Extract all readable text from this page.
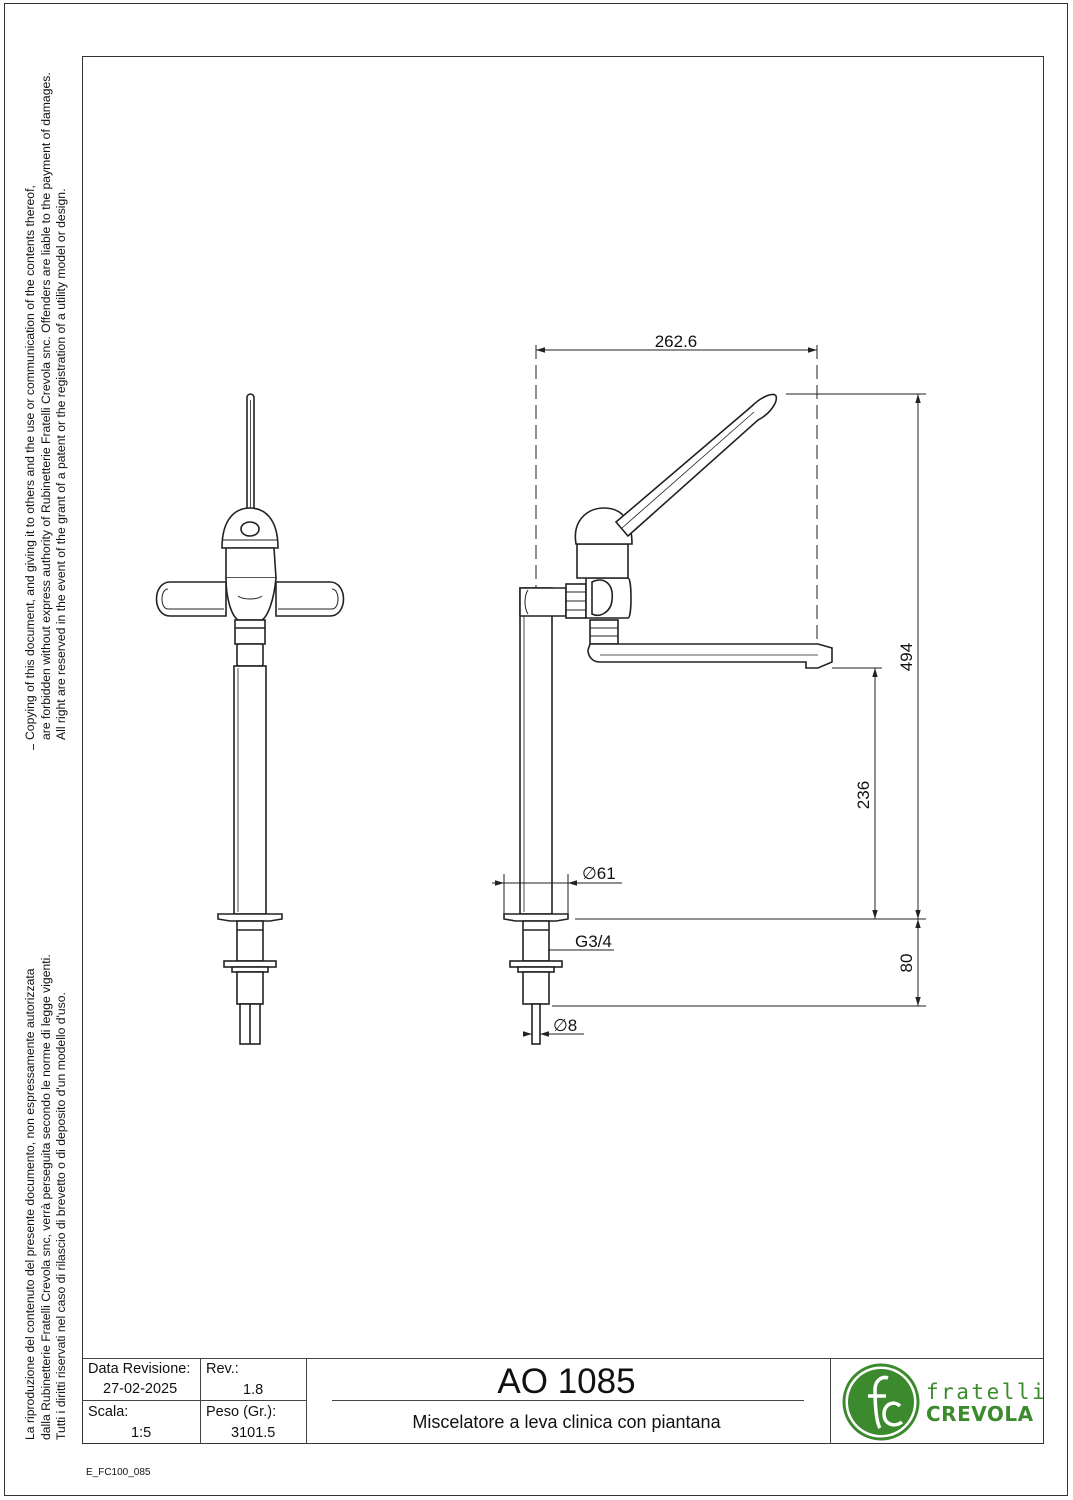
Copying of this document, and giving it to others and the use or communication of the contents thereof, are forbidden without express authority of Rubinetterie Fratelli Crevola snc. Offenders are liable to the payment of damages. All right are reserved in the event of the grant of a patent or the registration of a utility model or design.
La riproduzione del contenuto del presente documento, non espressamente autorizzata dalla Rubinetterie Fratelli Crevola snc, verrà perseguita secondo le norme di legge vigenti. Tutti i diritti riservati nel caso di rilascio di brevetto o di deposito d'un modello d'uso.
262.6
494
236
80
∅61
G3/4
∅8
Data Revisione:
27-02-2025
Rev.:
1.8
Scala:
1:5
Peso (Gr.):
3101.5
AO 1085
Miscelatore a leva clinica con piantana
fratelli
CREVOLA
E_FC100_085
